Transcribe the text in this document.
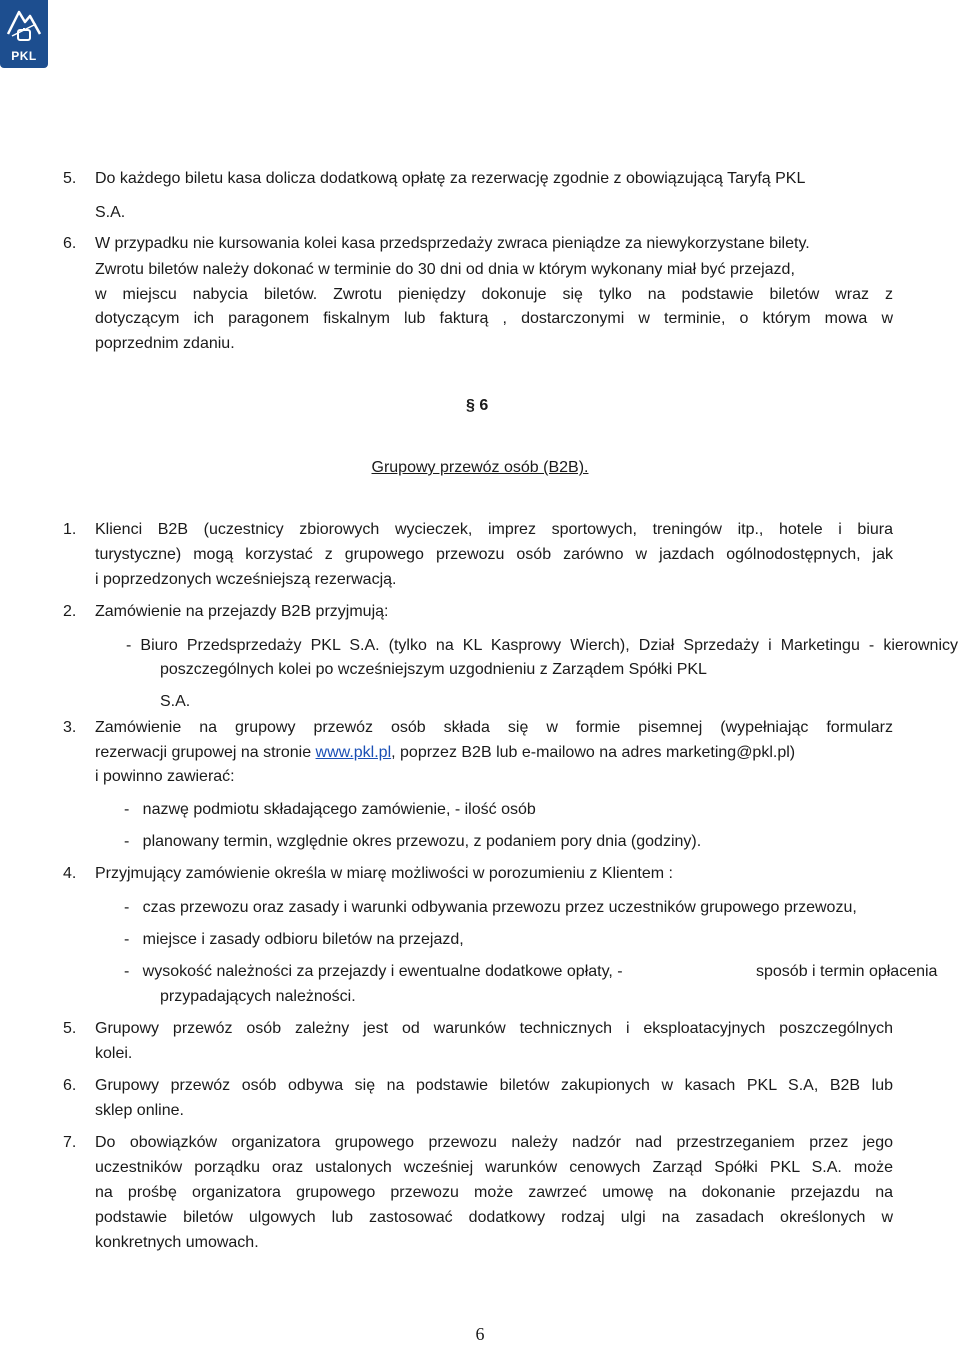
PKL
5. Do każdego biletu kasa dolicza dodatkową opłatę za rezerwację zgodnie z obowiązującą Taryfą PKL
S.A.
6. W przypadku nie kursowania kolei kasa przedsprzedaży zwraca pieniądze za niewykorzystane bilety.
Zwrotu biletów należy dokonać w terminie do 30 dni od dnia w którym wykonany miał być przejazd,
w miejscu nabycia biletów. Zwrotu pieniędzy dokonuje się tylko na podstawie biletów wraz z
dotyczącym ich paragonem fiskalnym lub fakturą , dostarczonymi w terminie, o którym mowa w
poprzednim zdaniu.
§ 6
Grupowy przewóz osób (B2B).
1. Klienci B2B (uczestnicy zbiorowych wycieczek, imprez sportowych, treningów itp., hotele i biura
turystyczne) mogą korzystać z grupowego przewozu osób zarówno w jazdach ogólnodostępnych, jak
i poprzedzonych wcześniejszą rezerwacją.
2. Zamówienie na przejazdy B2B przyjmują:
- Biuro Przedsprzedaży PKL S.A. (tylko na KL Kasprowy Wierch), Dział Sprzedaży i Marketingu - kierownicy
poszczególnych kolei po wcześniejszym uzgodnieniu z Zarządem Spółki PKL
S.A.
3. Zamówienie na grupowy przewóz osób składa się w formie pisemnej (wypełniając formularz
rezerwacji grupowej na stronie www.pkl.pl, poprzez B2B lub e-mailowo na adres marketing@pkl.pl)
i powinno zawierać:
-   nazwę podmiotu składającego zamówienie, - ilość osób
-   planowany termin, względnie okres przewozu, z podaniem pory dnia (godziny).
4. Przyjmujący zamówienie określa w miarę możliwości w porozumieniu z Klientem :
-   czas przewozu oraz zasady i warunki odbywania przewozu przez uczestników grupowego przewozu,
-   miejsce i zasady odbioru biletów na przejazd,
-   wysokość należności za przejazdy i ewentualne dodatkowe opłaty, -	sposób i termin opłacenia
przypadających należności.
5. Grupowy przewóz osób zależny jest od warunków technicznych i eksploatacyjnych poszczególnych
kolei.
6. Grupowy przewóz osób odbywa się na podstawie biletów zakupionych w kasach PKL S.A, B2B lub
sklep online.
7. Do obowiązków organizatora grupowego przewozu należy nadzór nad przestrzeganiem przez jego
uczestników porządku oraz ustalonych wcześniej warunków cenowych Zarząd Spółki PKL S.A. może
na prośbę organizatora grupowego przewozu może zawrzeć umowę na dokonanie przejazdu na
podstawie biletów ulgowych lub zastosować dodatkowy rodzaj ulgi na zasadach określonych w
konkretnych umowach.
6
